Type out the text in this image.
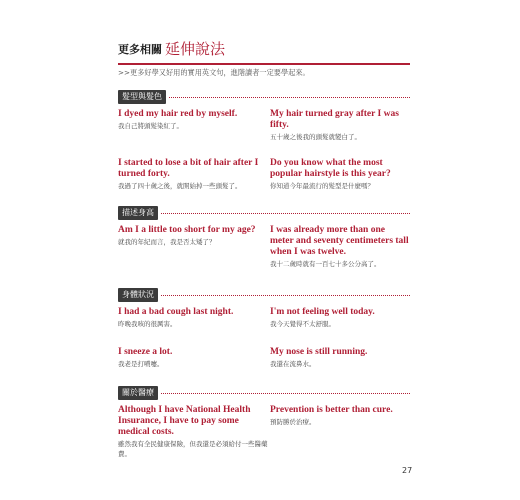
更多相關 延伸說法
>>更多好學又好用的實用英文句，進階讀者一定要學起來。
髮型與髮色
I dyed my hair red by myself.
我自己將頭髮染紅了。
My hair turned gray after I was fifty.
五十歲之後我的頭髮就變白了。
I started to lose a bit of hair after I turned forty.
我過了四十歲之後，就開始掉一些頭髮了。
Do you know what the most popular hairstyle is this year?
你知道今年最流行的髮型是什麼嗎？
描述身高
Am I a little too short for my age?
就我的年紀而言，我是否太矮了？
I was already more than one meter and seventy centimeters tall when I was twelve.
我十二歲時就有一百七十多公分高了。
身體狀況
I had a bad cough last night.
昨晚我咳的很厲害。
I'm not feeling well today.
我今天覺得不太舒服。
I sneeze a lot.
我老是打噴嚏。
My nose is still running.
我還在流鼻水。
關於醫療
Although I have National Health Insurance, I have to pay some medical costs.
雖然我有全民健康保險，但我還是必須給付一些醫藥費。
Prevention is better than cure.
預防勝於治療。
27
